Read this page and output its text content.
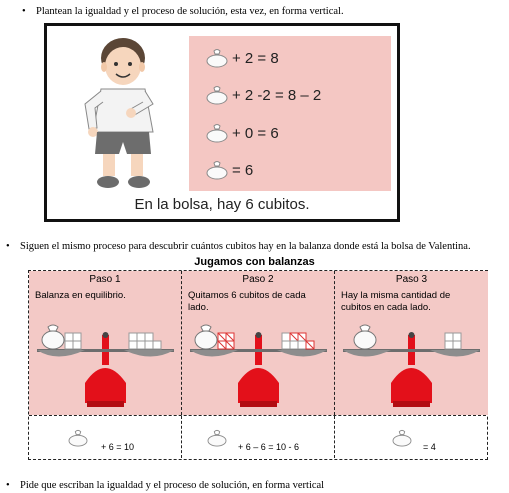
• Plantean la igualdad y el proceso de solución, esta vez, en forma vertical.
+ 2 = 8
+ 2 -2 = 8 – 2
+ 0 = 6
= 6
En la bolsa, hay 6 cubitos.
• Siguen el mismo proceso para descubrir cuántos cubitos hay en la balanza donde está la bolsa de Valentina.
Jugamos con balanzas
Paso 1
Balanza en equilibrio.
Paso 2
Quitamos 6 cubitos de cada lado.
Paso 3
Hay la misma cantidad de cubitos en cada lado.
+ 6 = 10	+ 6 – 6 = 10 - 6	= 4
• Pide que escriban la igualdad y el proceso de solución, en forma vertical
